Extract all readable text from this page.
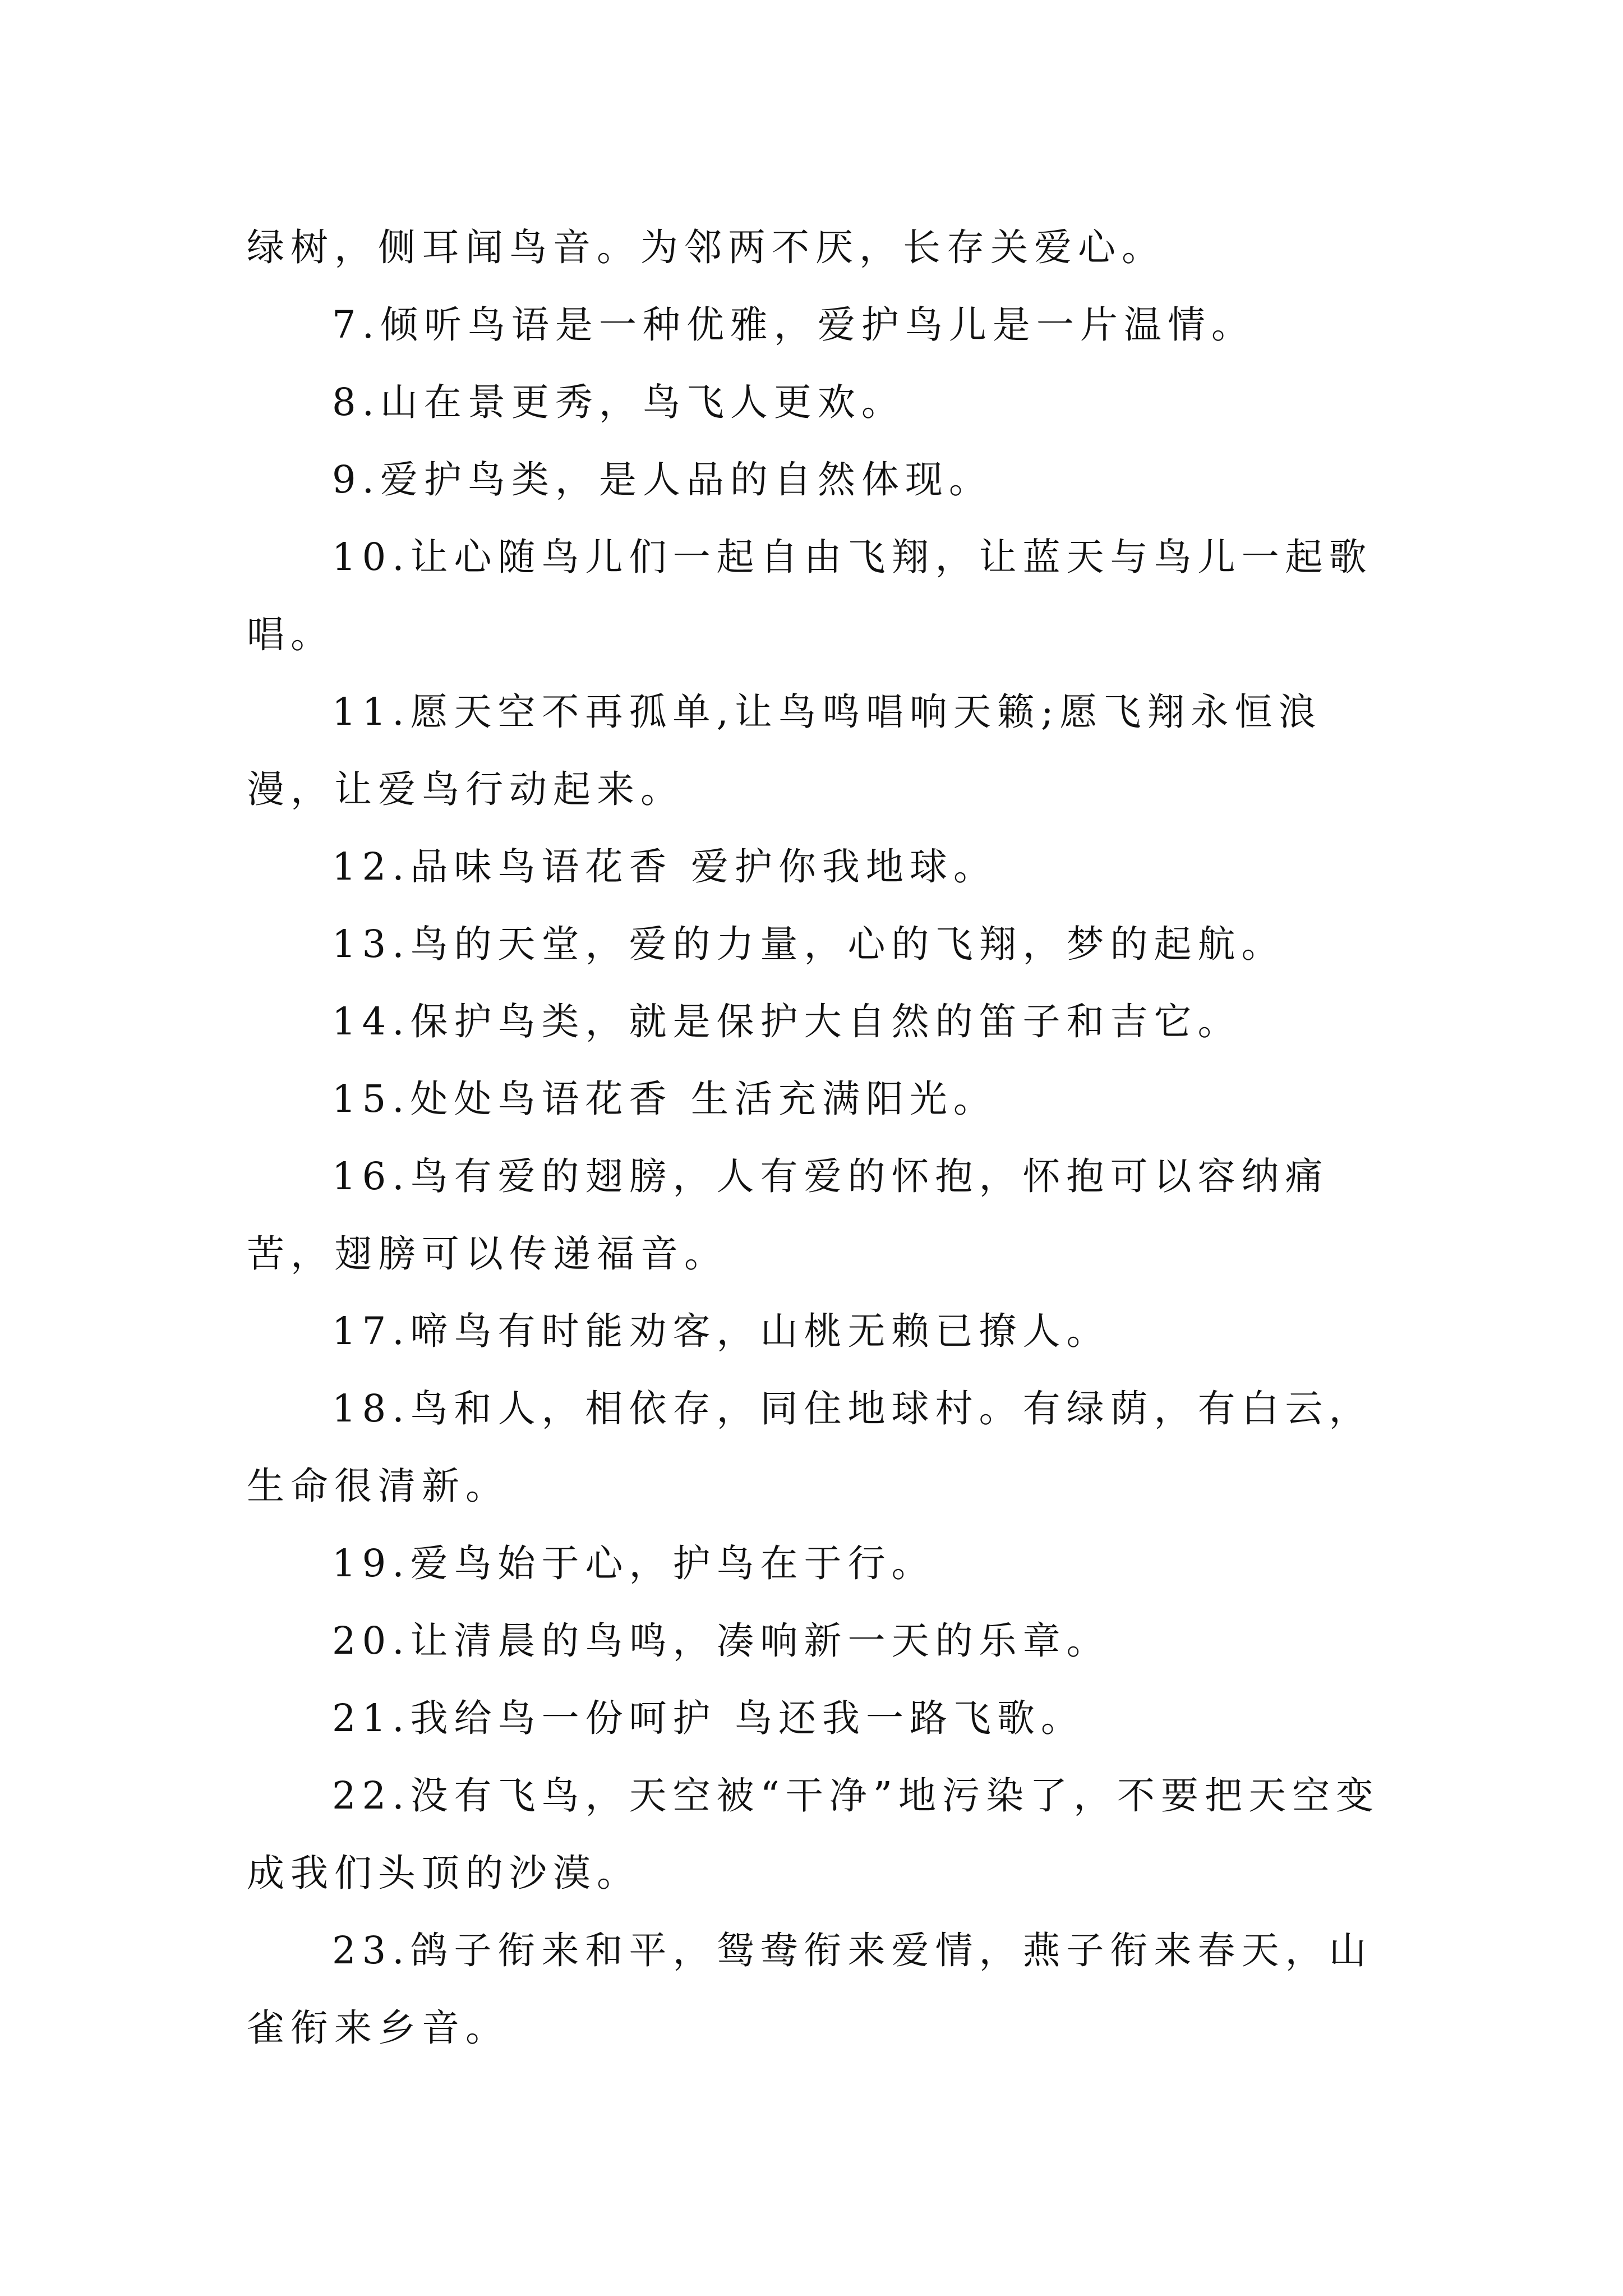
绿树，侧耳闻鸟音。为邻两不厌，长存关爱心。

7.倾听鸟语是一种优雅，爱护鸟儿是一片温情。

8.山在景更秀，鸟飞人更欢。

9.爱护鸟类，是人品的自然体现。

10.让心随鸟儿们一起自由飞翔，让蓝天与鸟儿一起歌唱。

11.愿天空不再孤单,让鸟鸣唱响天籁;愿飞翔永恒浪漫，让爱鸟行动起来。

12.品味鸟语花香 爱护你我地球。

13.鸟的天堂，爱的力量，心的飞翔，梦的起航。

14.保护鸟类，就是保护大自然的笛子和吉它。

15.处处鸟语花香 生活充满阳光。

16.鸟有爱的翅膀，人有爱的怀抱，怀抱可以容纳痛苦，翅膀可以传递福音。

17.啼鸟有时能劝客，山桃无赖已撩人。

18.鸟和人，相依存，同住地球村。有绿荫，有白云，生命很清新。

19.爱鸟始于心，护鸟在于行。

20.让清晨的鸟鸣，凑响新一天的乐章。

21.我给鸟一份呵护 鸟还我一路飞歌。

22.没有飞鸟，天空被“干净”地污染了，不要把天空变成我们头顶的沙漠。

23.鸽子衔来和平，鸳鸯衔来爱情，燕子衔来春天，山雀衔来乡音。
